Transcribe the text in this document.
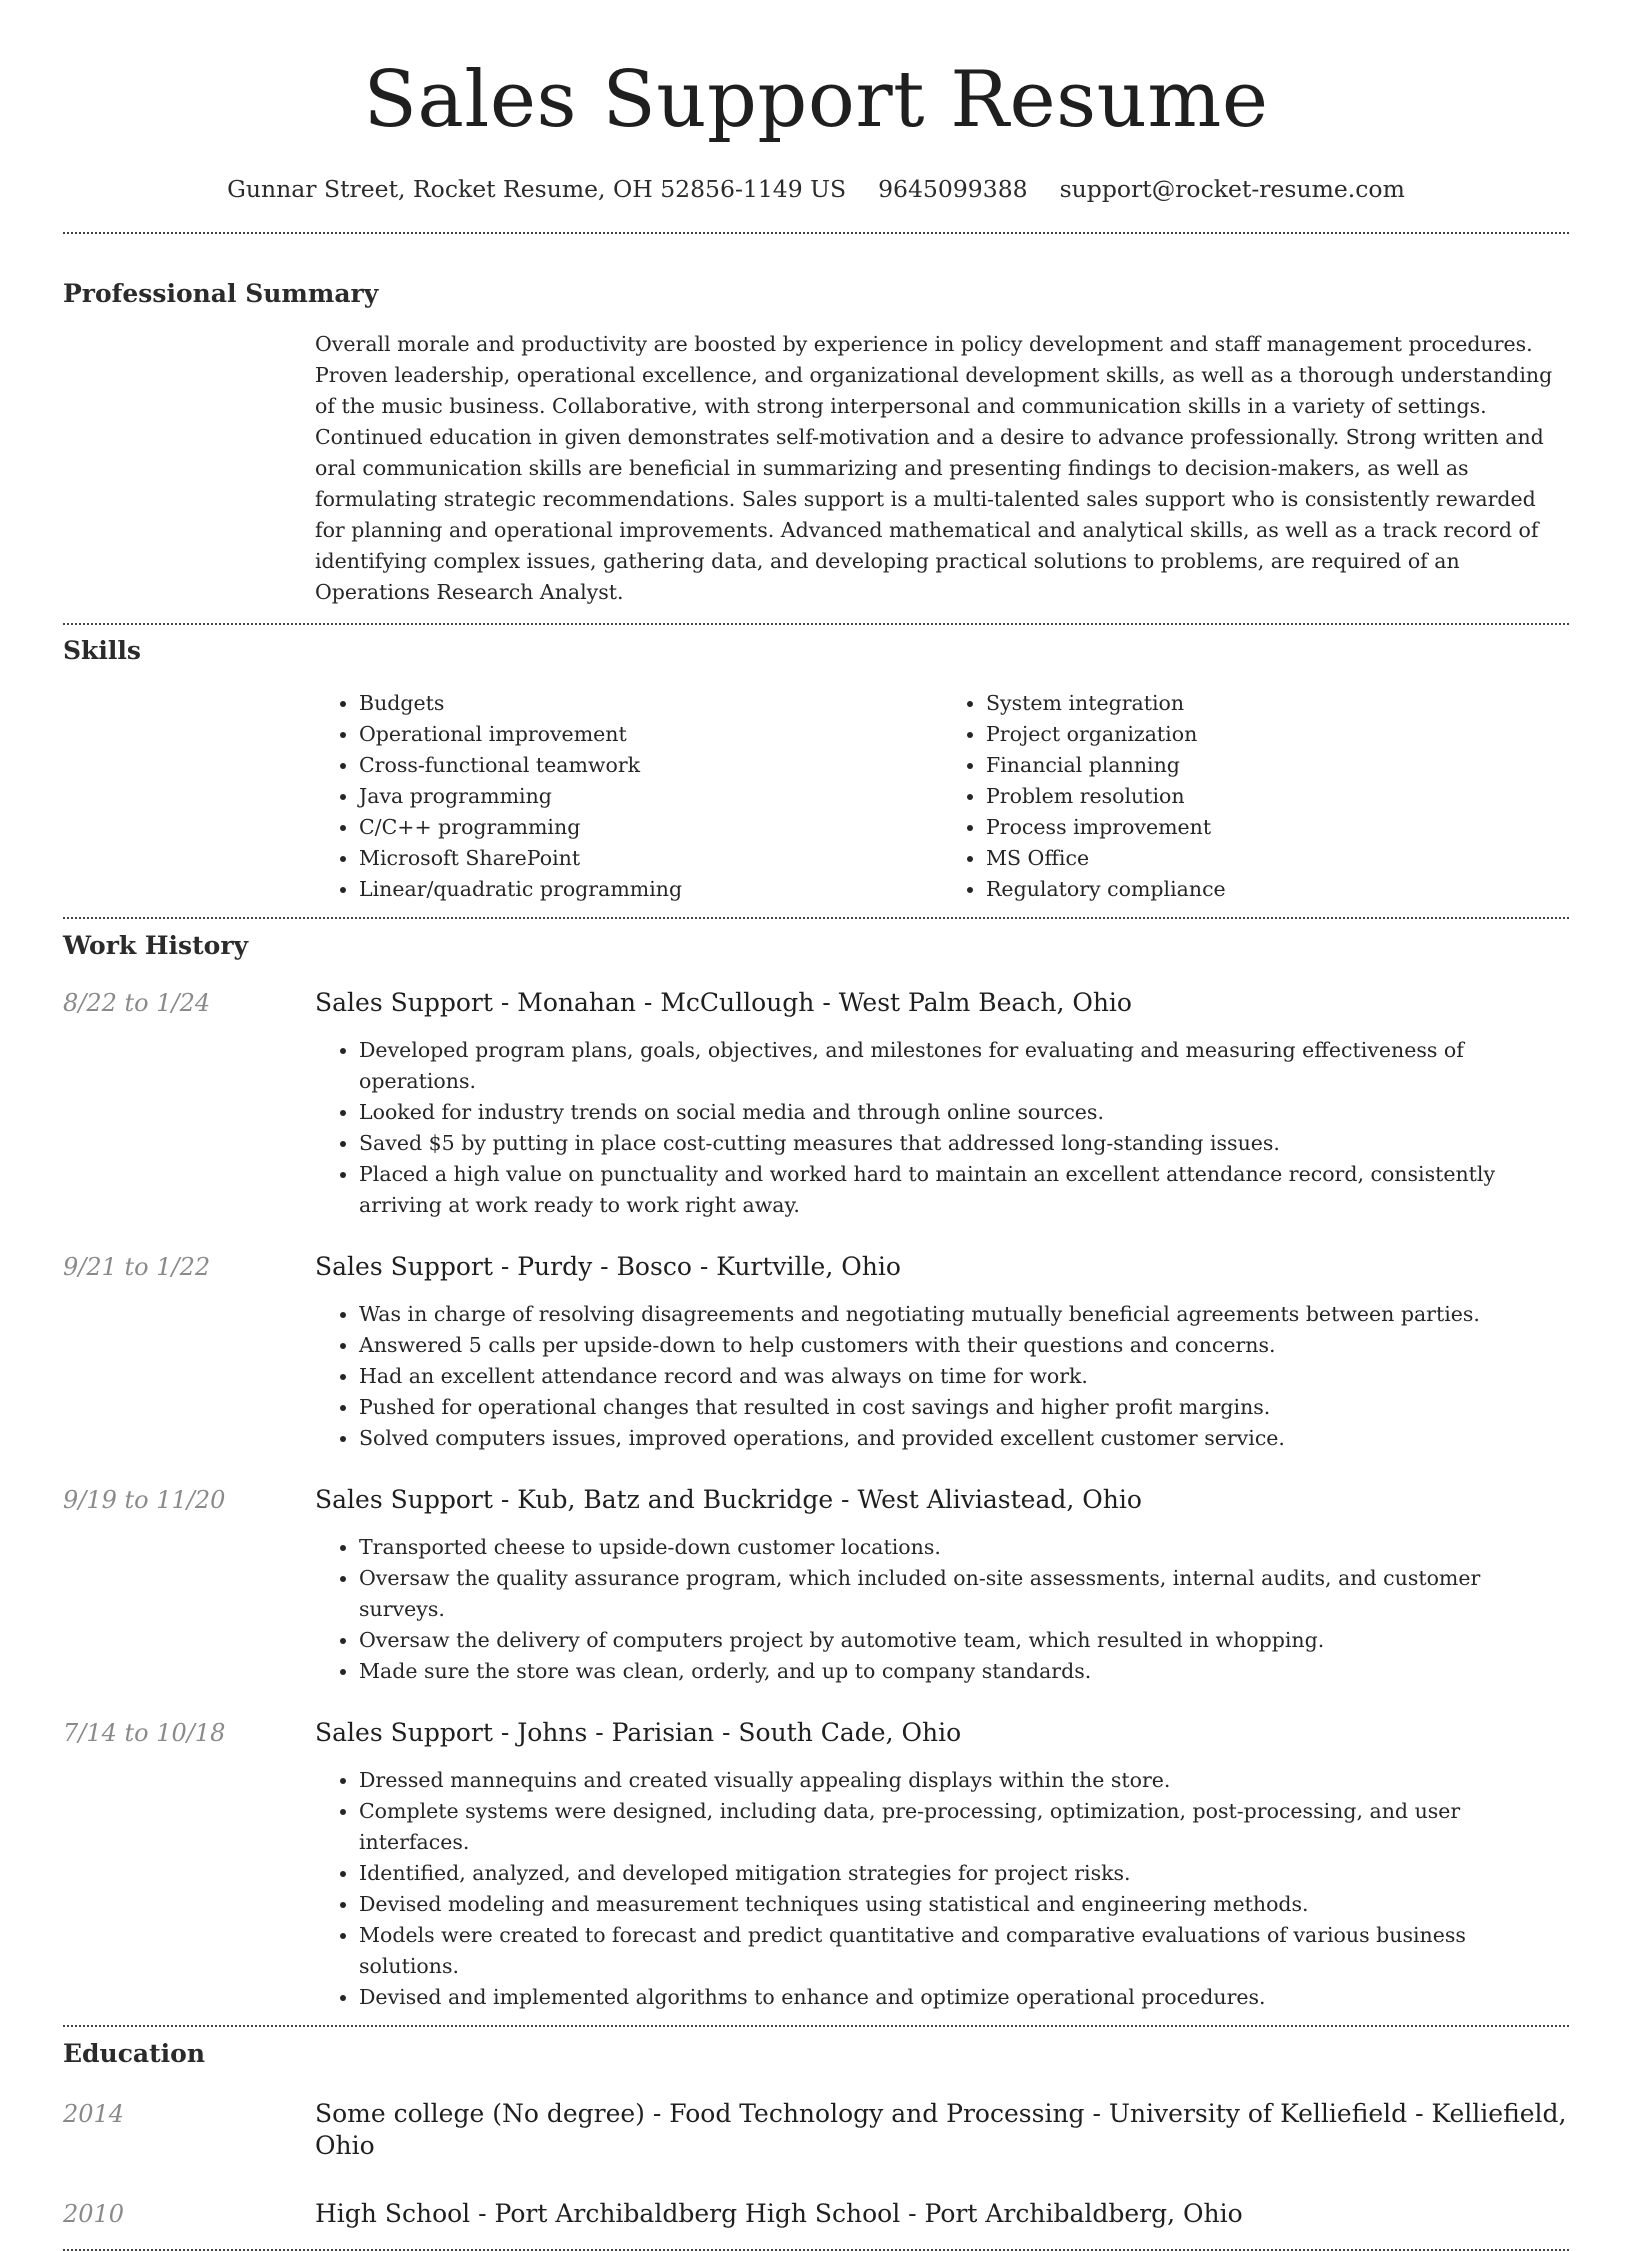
Sales Support Resume
Gunnar Street, Rocket Resume, OH 52856-1149 US 9645099388 support@rocket-resume.com
Professional Summary

Overall morale and productivity are boosted by experience in policy development and staff management procedures. Proven leadership, operational excellence, and organizational development skills, as well as a thorough understanding of the music business. Collaborative, with strong interpersonal and communication skills in a variety of settings. Continued education in given demonstrates self-motivation and a desire to advance professionally. Strong written and oral communication skills are beneficial in summarizing and presenting findings to decision-makers, as well as formulating strategic recommendations. Sales support is a multi-talented sales support who is consistently rewarded for planning and operational improvements. Advanced mathematical and analytical skills, as well as a track record of identifying complex issues, gathering data, and developing practical solutions to problems, are required of an Operations Research Analyst.

Skills
• Budgets
• Operational improvement
• Cross-functional teamwork
• Java programming
• C/C++ programming
• Microsoft SharePoint
• Linear/quadratic programming
• System integration
• Project organization
• Financial planning
• Problem resolution
• Process improvement
• MS Office
• Regulatory compliance
Work History
8/22 to 1/24	Sales Support - Monahan - McCullough - West Palm Beach, Ohio
• Developed program plans, goals, objectives, and milestones for evaluating and measuring effectiveness of operations.
• Looked for industry trends on social media and through online sources.
• Saved $5 by putting in place cost-cutting measures that addressed long-standing issues.
• Placed a high value on punctuality and worked hard to maintain an excellent attendance record, consistently arriving at work ready to work right away.
9/21 to 1/22	Sales Support - Purdy - Bosco - Kurtville, Ohio
• Was in charge of resolving disagreements and negotiating mutually beneficial agreements between parties.
• Answered 5 calls per upside-down to help customers with their questions and concerns.
• Had an excellent attendance record and was always on time for work.
• Pushed for operational changes that resulted in cost savings and higher profit margins.
• Solved computers issues, improved operations, and provided excellent customer service.
9/19 to 11/20	Sales Support - Kub, Batz and Buckridge - West Aliviastead, Ohio
• Transported cheese to upside-down customer locations.
• Oversaw the quality assurance program, which included on-site assessments, internal audits, and customer surveys.
• Oversaw the delivery of computers project by automotive team, which resulted in whopping.
• Made sure the store was clean, orderly, and up to company standards.
7/14 to 10/18	Sales Support - Johns - Parisian - South Cade, Ohio
• Dressed mannequins and created visually appealing displays within the store.
• Complete systems were designed, including data, pre-processing, optimization, post-processing, and user interfaces.
• Identified, analyzed, and developed mitigation strategies for project risks.
• Devised modeling and measurement techniques using statistical and engineering methods.
• Models were created to forecast and predict quantitative and comparative evaluations of various business solutions.
• Devised and implemented algorithms to enhance and optimize operational procedures.
Education
2014	Some college (No degree) - Food Technology and Processing - University of Kelliefield - Kelliefield, Ohio
2010	High School - Port Archibaldberg High School - Port Archibaldberg, Ohio
